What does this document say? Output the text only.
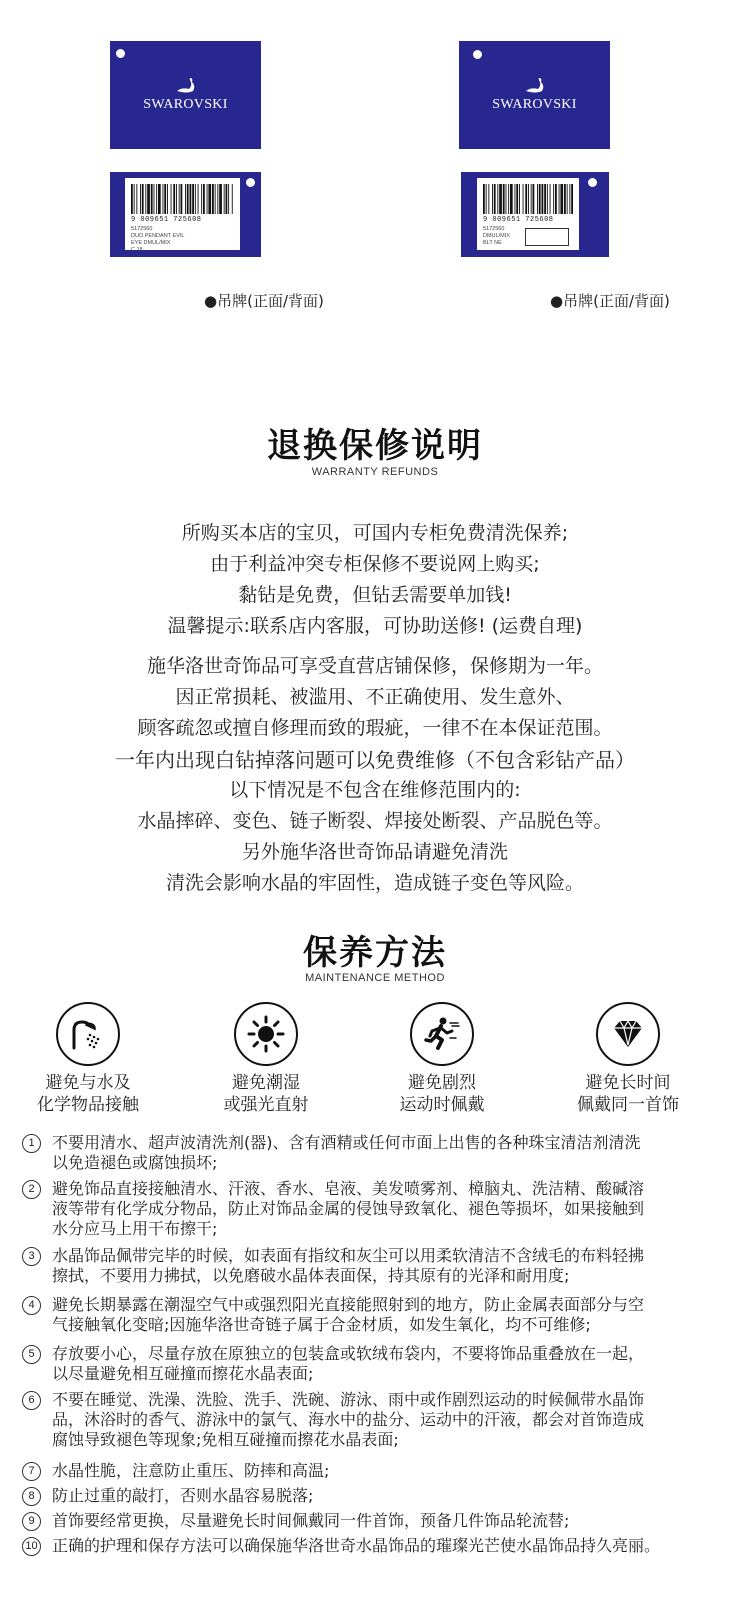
SWAROVSKI	SWAROVSKI
9 009651 725608
5172560
DUO PENDANT EVIL
EYE DMUL/MIX
C 18
9 009651 725608
5172560
DMUL/MIX
BLT NE
●吊牌(正面/背面)	●吊牌(正面/背面)
退换保修说明
WARRANTY REFUNDS
所购买本店的宝贝，可国内专柜免费清洗保养;
由于利益冲突专柜保修不要说网上购买;
黏钻是免费，但钻丢需要单加钱!
温馨提示:联系店内客服，可协助送修! (运费自理)
施华洛世奇饰品可享受直营店铺保修，保修期为一年。
因正常损耗、被滥用、不正确使用、发生意外、
顾客疏忽或擅自修理而致的瑕疵，一律不在本保证范围。
一年内出现白钻掉落问题可以免费维修（不包含彩钻产品）
以下情况是不包含在维修范围内的:
水晶摔碎、变色、链子断裂、焊接处断裂、产品脱色等。
另外施华洛世奇饰品请避免清洗
清洗会影响水晶的牢固性，造成链子变色等风险。
保养方法
MAINTENANCE METHOD
避免与水及
化学物品接触
避免潮湿
或强光直射
避免剧烈
运动时佩戴
避免长时间
佩戴同一首饰
1	不要用清水、超声波清洗剂(器)、含有酒精或任何市面上出售的各种珠宝清洁剂清洗
以免造褪色或腐蚀损坏;
2	避免饰品直接接触清水、汗液、香水、皂液、美发喷雾剂、樟脑丸、洗洁精、酸碱溶
液等带有化学成分物品，防止对饰品金属的侵蚀导致氧化、褪色等损坏，如果接触到
水分应马上用干布擦干;
3	水晶饰品佩带完毕的时候，如表面有指纹和灰尘可以用柔软清洁不含绒毛的布料轻拂
擦拭，不要用力拂拭，以免磨破水晶体表面保，持其原有的光泽和耐用度;
4	避免长期暴露在潮湿空气中或强烈阳光直接能照射到的地方，防止金属表面部分与空
气接触氧化变暗;因施华洛世奇链子属于合金材质，如发生氧化，均不可维修;
5	存放要小心，尽量存放在原独立的包装盒或软绒布袋内，不要将饰品重叠放在一起，
以尽量避免相互碰撞而擦花水晶表面;
6	不要在睡觉、洗澡、洗脸、洗手、洗碗、游泳、雨中或作剧烈运动的时候佩带水晶饰
品，沐浴时的香气、游泳中的氯气、海水中的盐分、运动中的汗液，都会对首饰造成
腐蚀导致褪色等现象;免相互碰撞而擦花水晶表面;
7	水晶性脆，注意防止重压、防摔和高温;
8	防止过重的敲打，否则水晶容易脱落;
9	首饰要经常更换，尽量避免长时间佩戴同一件首饰，预备几件饰品轮流替;
10 正确的护理和保存方法可以确保施华洛世奇水晶饰品的璀璨光芒使水晶饰品持久亮丽。
